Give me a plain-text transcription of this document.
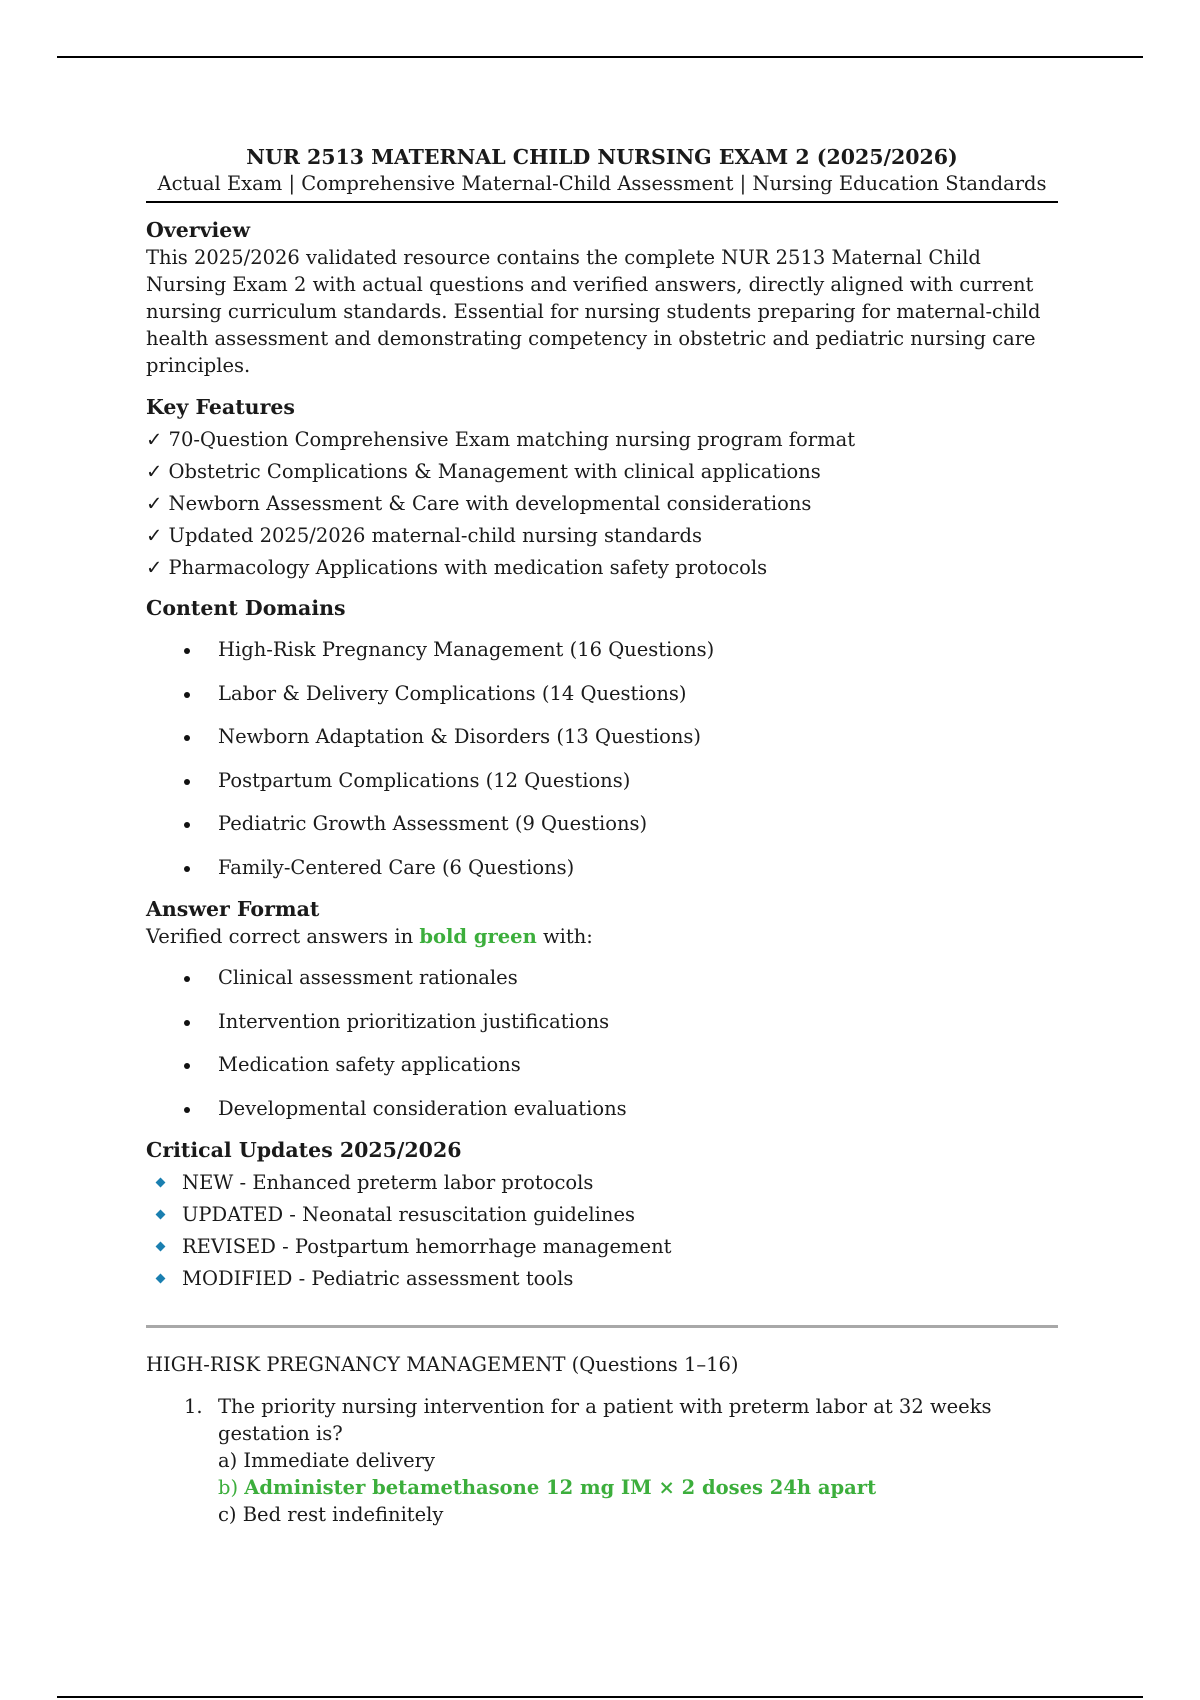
NUR 2513 MATERNAL CHILD NURSING EXAM 2 (2025/2026)
Actual Exam | Comprehensive Maternal-Child Assessment | Nursing Education Standards
Overview

This 2025/2026 validated resource contains the complete NUR 2513 Maternal Child Nursing Exam 2 with actual questions and verified answers, directly aligned with current nursing curriculum standards. Essential for nursing students preparing for maternal-child health assessment and demonstrating competency in obstetric and pediatric nursing care principles.

Key Features
✓ 70-Question Comprehensive Exam matching nursing program format
✓ Obstetric Complications & Management with clinical applications
✓ Newborn Assessment & Care with developmental considerations
✓ Updated 2025/2026 maternal-child nursing standards
✓ Pharmacology Applications with medication safety protocols
Content Domains
High-Risk Pregnancy Management (16 Questions)
Labor & Delivery Complications (14 Questions)
Newborn Adaptation & Disorders (13 Questions)
Postpartum Complications (12 Questions)
Pediatric Growth Assessment (9 Questions)
Family-Centered Care (6 Questions)
Answer Format

Verified correct answers in bold green with:

Clinical assessment rationales
Intervention prioritization justifications
Medication safety applications
Developmental consideration evaluations
Critical Updates 2025/2026
NEW - Enhanced preterm labor protocols
UPDATED - Neonatal resuscitation guidelines
REVISED - Postpartum hemorrhage management
MODIFIED - Pediatric assessment tools
HIGH-RISK PREGNANCY MANAGEMENT (Questions 1–16)
1. The priority nursing intervention for a patient with preterm labor at 32 weeks gestation is?
a) Immediate delivery
b) Administer betamethasone 12 mg IM × 2 doses 24h apart
c) Bed rest indefinitely
